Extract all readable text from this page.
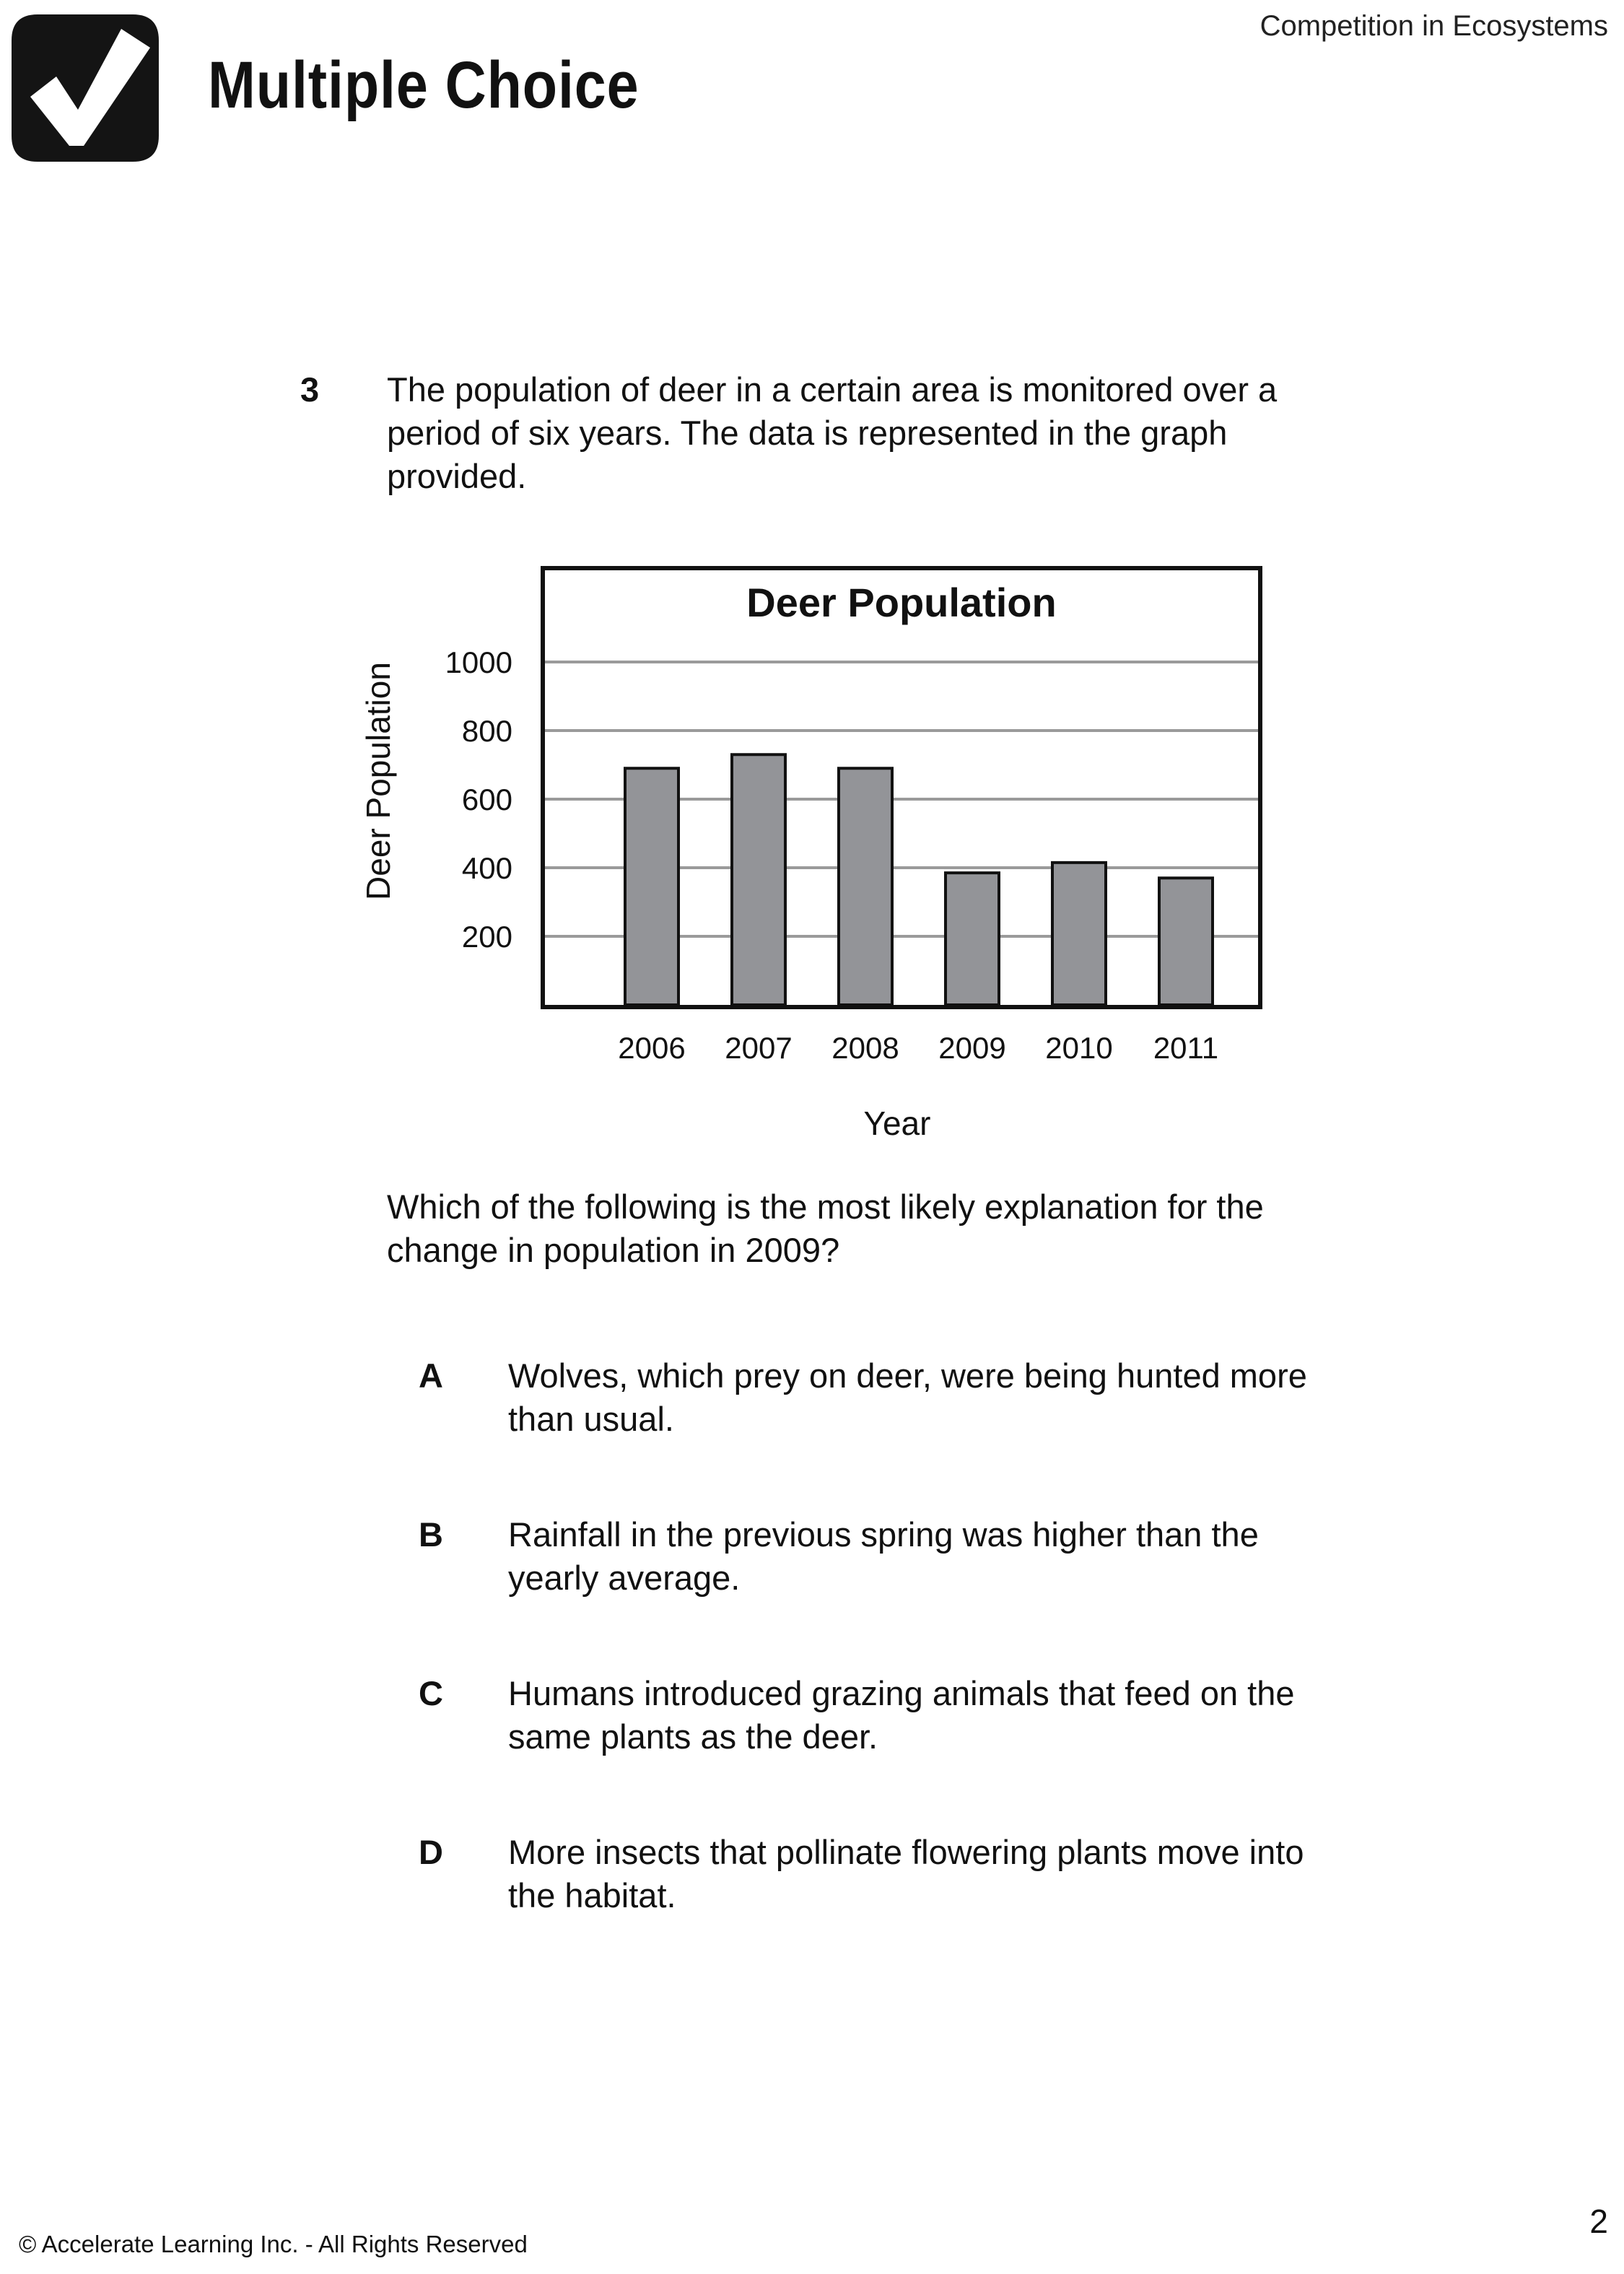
Competition in Ecosystems
Multiple Choice
3 The population of deer in a certain area is monitored over a
period of six years. The data is represented in the graph
provided.
2006 2007 2008 2009 2010 2011
200
400
600
800
1000
Deer Population
Year
Deer Population
Which of the following is the most likely explanation for the
change in population in 2009?
A Wolves, which prey on deer, were being hunted more
than usual.
B Rainfall in the previous spring was higher than the
yearly average.
C Humans introduced grazing animals that feed on the
same plants as the deer.
D More insects that pollinate flowering plants move into
the habitat.
© Accelerate Learning Inc. - All Rights Reserved
2
